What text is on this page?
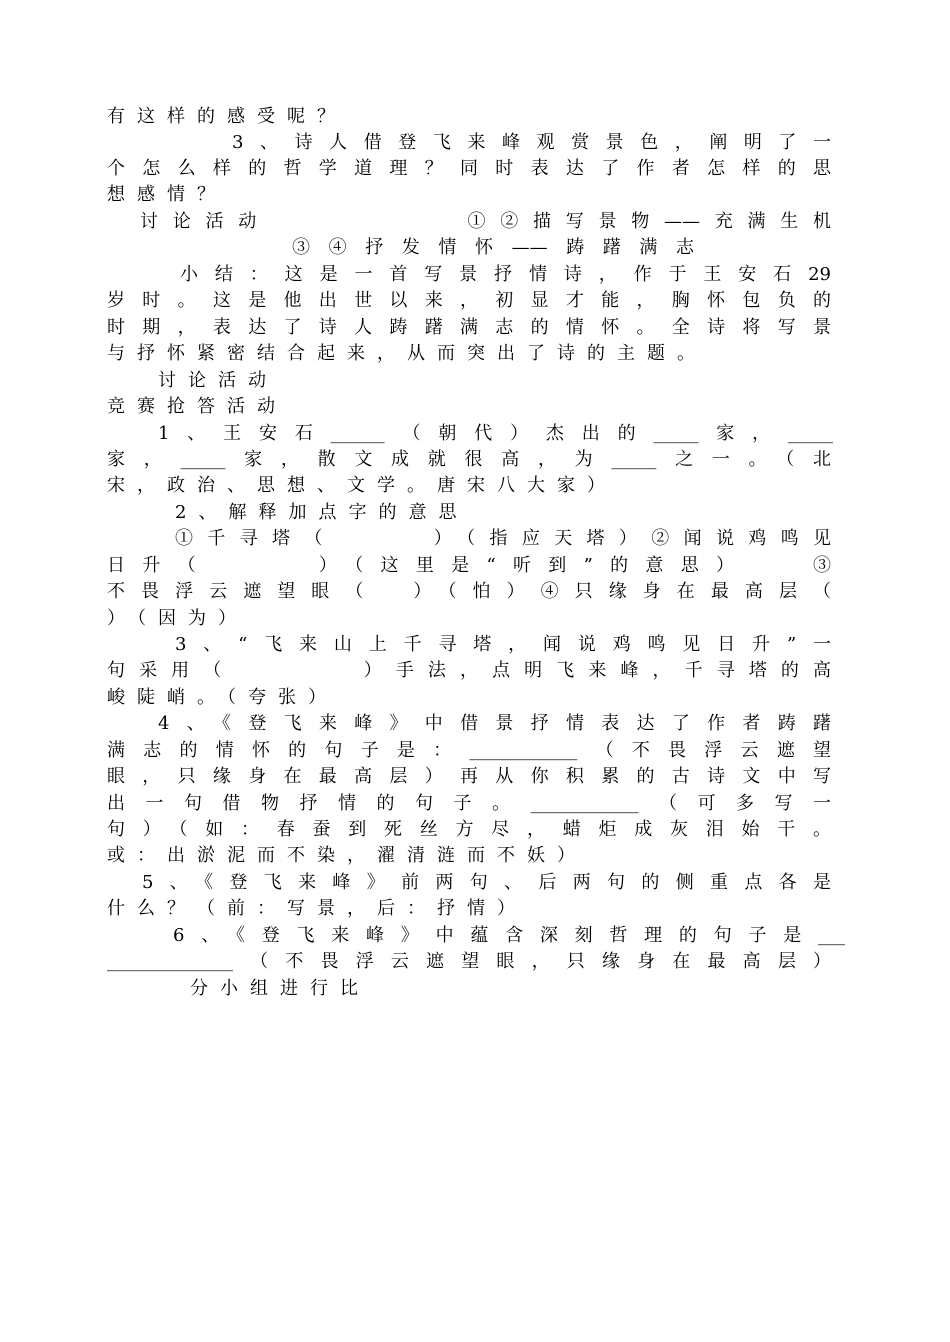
有这样的感受呢？
3、诗人借登飞来峰观赏景色，阐明了一
个怎么样的哲学道理？同时表达了作者怎样的思
想感情？
讨论活动　　　　　　①②描写景物——充满生机
③④抒发情怀——踌躇满志
小结：这是一首写景抒情诗，作于王安石29
岁时。这是他出世以来，初显才能，胸怀包负的
时期，表达了诗人踌躇满志的情怀。全诗将写景
与抒怀紧密结合起来，从而突出了诗的主题。
讨论活动
竞赛抢答活动
1、王安石______（朝代）杰出的_____家，_____
家，_____家，散文成就很高，为_____之一。（北
宋，政治、思想、文学。唐宋八大家）
2、解释加点字的意思
①千寻塔（　　　）（指应天塔）②闻说鸡鸣见
日升（　　　）（这里是“听到”的意思）　　③
不畏浮云遮望眼（　）（怕）④只缘身在最高层（
）（因为）
3、“飞来山上千寻塔，闻说鸡鸣见日升”一
句采用（　　　　）手法，点明飞来峰，千寻塔的高
峻陡峭。（夸张）
4、《登飞来峰》中借景抒情表达了作者踌躇
满志的情怀的句子是：____________（不畏浮云遮望
眼，只缘身在最高层）再从你积累的古诗文中写
出一句借物抒情的句子。____________（可多写一
句）（如：春蚕到死丝方尽，蜡炬成灰泪始干。
或：出淤泥而不染，濯清涟而不妖）
5、《登飞来峰》前两句、后两句的侧重点各是
什么？（前：写景，后：抒情）
6、《登飞来峰》中蕴含深刻哲理的句子是___
______________（不畏浮云遮望眼，只缘身在最高层）
分小组进行比
